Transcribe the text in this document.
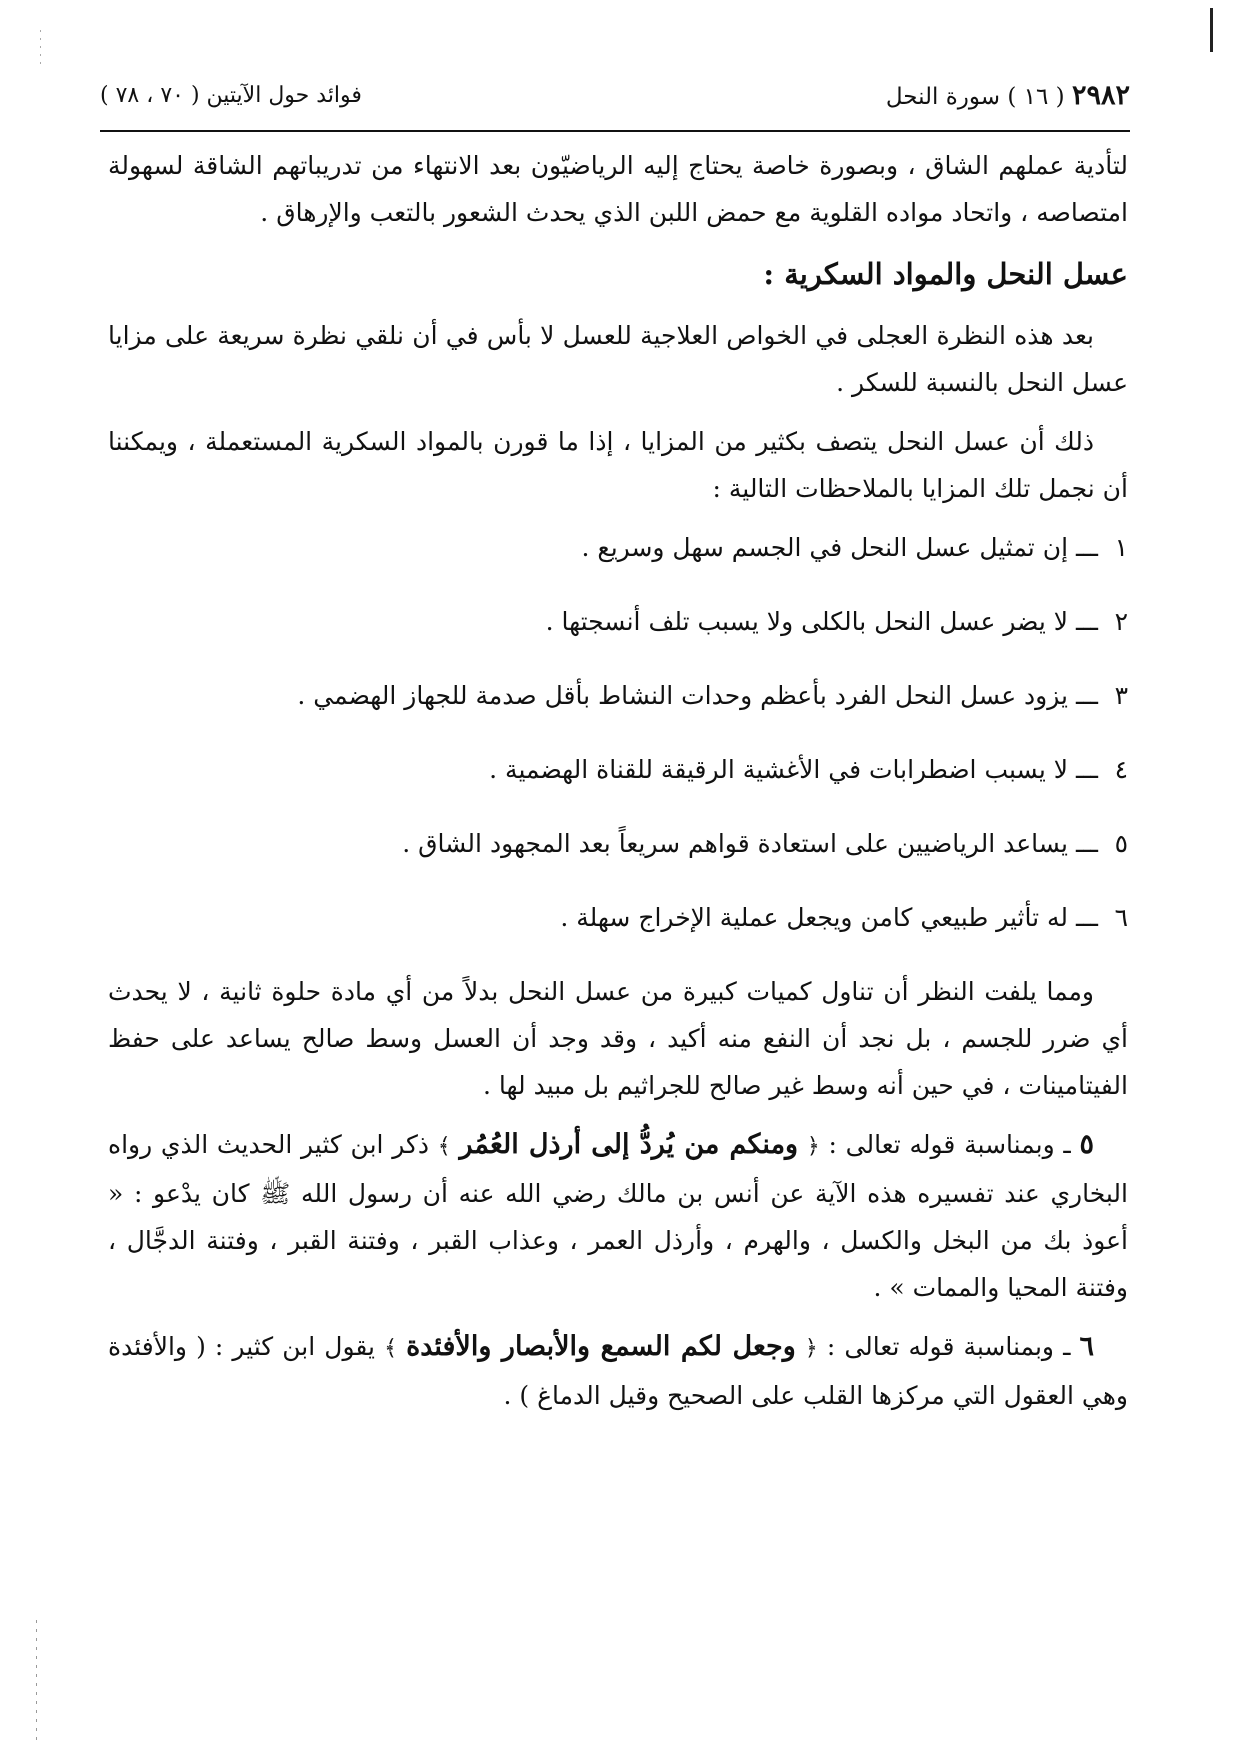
٢٩٨٢ ( ١٦ ) سورة النحل
فوائد حول الآيتين ( ٧٠ ، ٧٨ )

لتأدية عملهم الشاق ، وبصورة خاصة يحتاج إليه الرياضيّون بعد الانتهاء من تدريباتهم الشاقة لسهولة امتصاصه ، واتحاد مواده القلوية مع حمض اللبن الذي يحدث الشعور بالتعب والإرهاق .

عسل النحل والمواد السكرية :

بعد هذه النظرة العجلى في الخواص العلاجية للعسل لا بأس في أن نلقي نظرة سريعة على مزايا عسل النحل بالنسبة للسكر .

ذلك أن عسل النحل يتصف بكثير من المزايا ، إذا ما قورن بالمواد السكرية المستعملة ، ويمكننا أن نجمل تلك المزايا بالملاحظات التالية :

١ـــإن تمثيل عسل النحل في الجسم سهل وسريع .
٢ـــلا يضر عسل النحل بالكلى ولا يسبب تلف أنسجتها .
٣ـــيزود عسل النحل الفرد بأعظم وحدات النشاط بأقل صدمة للجهاز الهضمي .
٤ـــلا يسبب اضطرابات في الأغشية الرقيقة للقناة الهضمية .
٥ـــيساعد الرياضيين على استعادة قواهم سريعاً بعد المجهود الشاق .
٦ـــله تأثير طبيعي كامن ويجعل عملية الإخراج سهلة .

ومما يلفت النظر أن تناول كميات كبيرة من عسل النحل بدلاً من أي مادة حلوة ثانية ، لا يحدث أي ضرر للجسم ، بل نجد أن النفع منه أكيد ، وقد وجد أن العسل وسط صالح يساعد على حفظ الفيتامينات ، في حين أنه وسط غير صالح للجراثيم بل مبيد لها .

٥ ـ وبمناسبة قوله تعالى : ﴿ ومنكم من يُردُّ إلى أرذل العُمُر ﴾ ذكر ابن كثير الحديث الذي رواه البخاري عند تفسيره هذه الآية عن أنس بن مالك رضي الله عنه أن رسول الله ﷺ كان يدْعو : « أعوذ بك من البخل والكسل ، والهرم ، وأرذل العمر ، وعذاب القبر ، وفتنة القبر ، وفتنة الدجَّال ، وفتنة المحيا والممات » .

٦ ـ وبمناسبة قوله تعالى : ﴿ وجعل لكم السمع والأبصار والأفئدة ﴾ يقول ابن كثير : ( والأفئدة وهي العقول التي مركزها القلب على الصحيح وقيل الدماغ ) .
